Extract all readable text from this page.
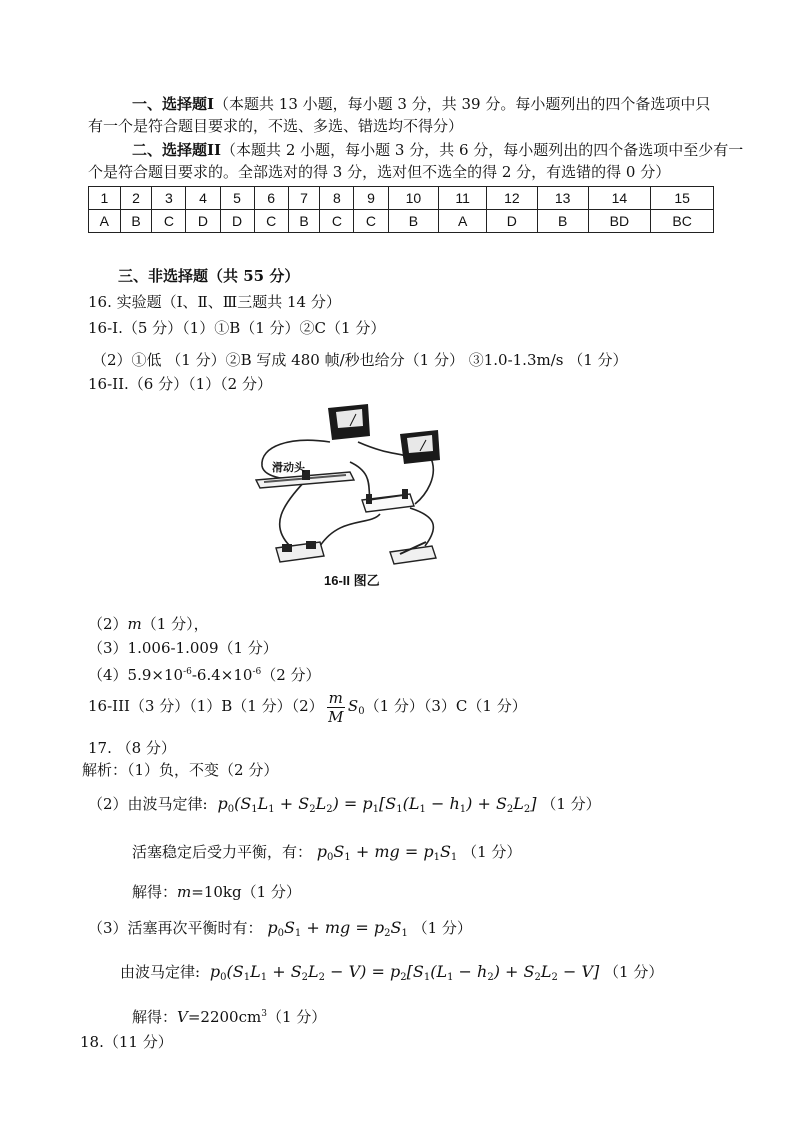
一、选择题I（本题共 13 小题，每小题 3 分，共 39 分。每小题列出的四个备选项中只
有一个是符合题目要求的，不选、多选、错选均不得分）
二、选择题II（本题共 2 小题，每小题 3 分，共 6 分，每小题列出的四个备选项中至少有一
个是符合题目要求的。全部选对的得 3 分，选对但不选全的得 2 分，有选错的得 0 分）
1	2	3	4	5	6	7	8	9	10	11	12	13	14	15
A	B	C	D	D	C	B	C	C	B	A	D	B	BD	BC
三、非选择题（共 55 分）
16. 实验题（Ⅰ、Ⅱ、Ⅲ三题共 14 分）
16-I.（5 分）（1）①B（1 分）②C（1 分）
（2）①低 （1 分）②B 写成 480 帧/秒也给分（1 分） ③1.0-1.3m/s （1 分）
16-II.（6 分）（1）（2 分）
滑动头
16-II 图乙
（2）m（1 分），
（3）1.006-1.009（1 分）
$(4)5.9\times 10^{-6}-6.4\times 10^{-6}(2$ 分）
16-III（3 分）（1）B（1 分）$(2) \frac{m}{M} S_0(1$ 分）（3）C（1 分）
17. （8 分）
解析：（1）负，不变（2 分）
（2）由波马定律:  $p_0(S_1L_1 + S_2L_2) = p_1[S_1(L_1 - h_1) + S_2L_2]$ （1 分）
活塞稳定后受力平衡，有： $p_0S_1$ + mg = $p_1S_1$ （1 分）
解得：m=10kg（1 分）
（3）活塞再次平衡时有： $p_0S_1$ + mg = $p_2S_1$ （1 分）
由波马定律:  $p_0(S_1L_1 + S_2L_2 - V) = p_2[S_1(L_1 - h_2) + S_2L_2 - V]$ （1 分）
解得：$V=2200cm^3(1$ 分）
18.（11 分）
